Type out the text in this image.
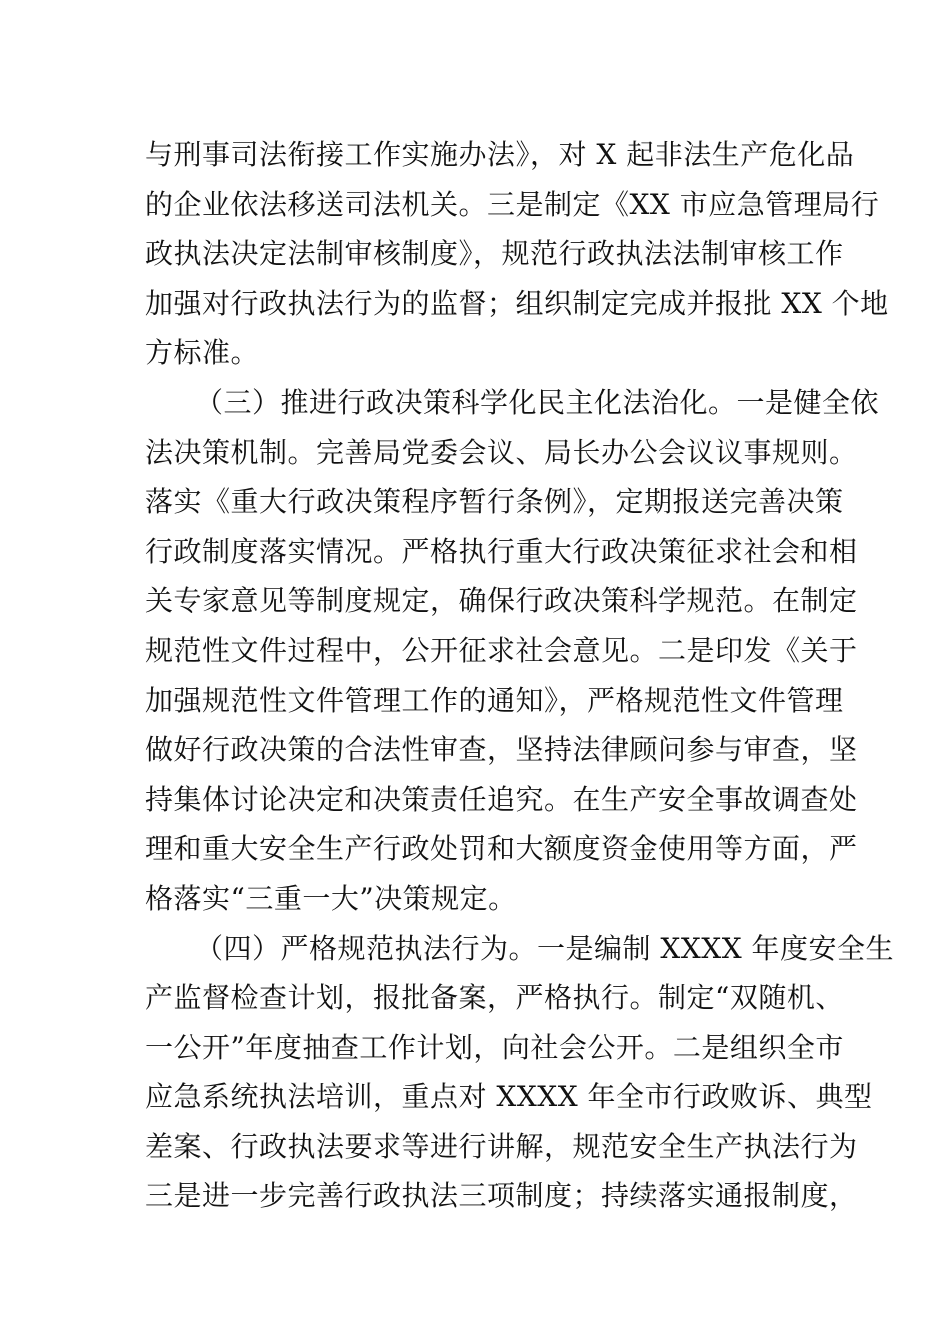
与刑事司法衔接工作实施办法》，对 X 起非法生产危化品
的企业依法移送司法机关。三是制定《XX 市应急管理局行
政执法决定法制审核制度》，规范行政执法法制审核工作
加强对行政执法行为的监督；组织制定完成并报批 XX 个地
方标准。
（三）推进行政决策科学化民主化法治化。一是健全依
法决策机制。完善局党委会议、局长办公会议议事规则。
落实《重大行政决策程序暂行条例》，定期报送完善决策
行政制度落实情况。严格执行重大行政决策征求社会和相
关专家意见等制度规定，确保行政决策科学规范。在制定
规范性文件过程中，公开征求社会意见。二是印发《关于
加强规范性文件管理工作的通知》，严格规范性文件管理
做好行政决策的合法性审查，坚持法律顾问参与审查，坚
持集体讨论决定和决策责任追究。在生产安全事故调查处
理和重大安全生产行政处罚和大额度资金使用等方面，严
格落实“三重一大”决策规定。
（四）严格规范执法行为。一是编制 XXXX 年度安全生
产监督检查计划，报批备案，严格执行。制定“双随机、
一公开”年度抽查工作计划，向社会公开。二是组织全市
应急系统执法培训，重点对 XXXX 年全市行政败诉、典型
差案、行政执法要求等进行讲解，规范安全生产执法行为
三是进一步完善行政执法三项制度；持续落实通报制度，
